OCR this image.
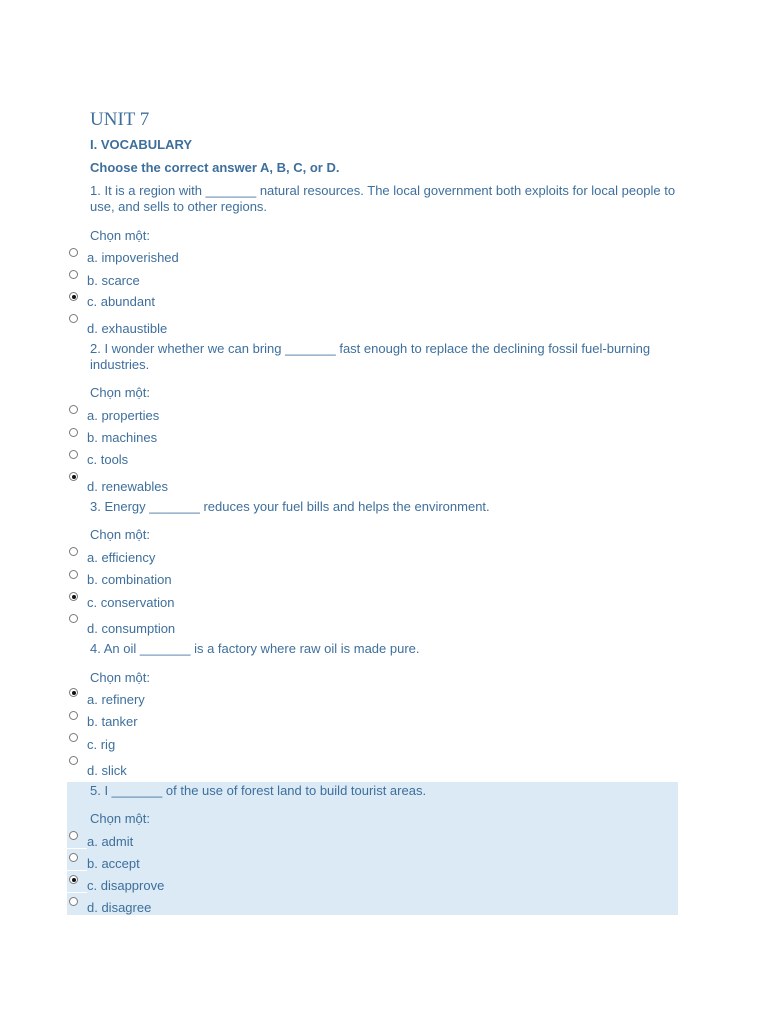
UNIT 7
I. VOCABULARY
Choose the correct answer A, B, C, or D.
1. It is a region with _______ natural resources. The local government both exploits for local people to use, and sells to other regions.
Chọn một:
a. impoverished
b. scarce
c. abundant
d. exhaustible
2. I wonder whether we can bring _______ fast enough to replace the declining fossil fuel-burning industries.
Chọn một:
a. properties
b. machines
c. tools
d. renewables
3. Energy _______ reduces your fuel bills and helps the environment.
Chọn một:
a. efficiency
b. combination
c. conservation
d. consumption
4. An oil _______ is a factory where raw oil is made pure.
Chọn một:
a. refinery
b. tanker
c. rig
d. slick
5. I _______ of the use of forest land to build tourist areas.
Chọn một:
a. admit
b. accept
c. disapprove
d. disagree
